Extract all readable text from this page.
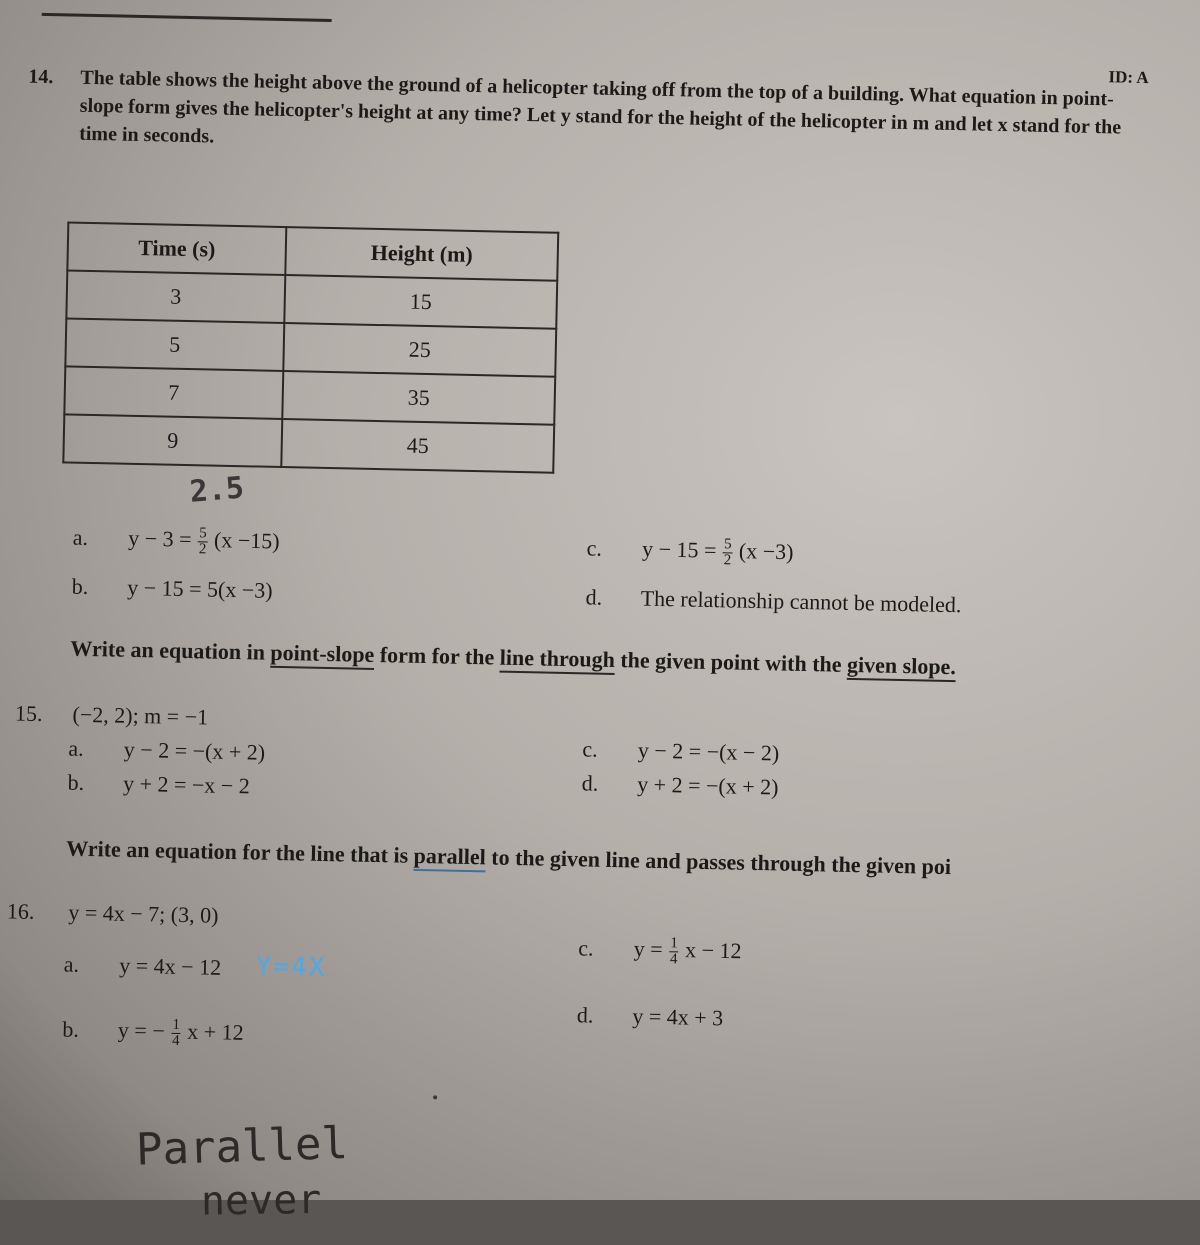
ID: A
14. The table shows the height above the ground of a helicopter taking off from the top of a building. What equation in point-slope form gives the helicopter's height at any time? Let y stand for the height of the helicopter in m and let x stand for the time in seconds.
Time (s)	Height (m)
3	15
5	25
7	35
9	45
2.5
a. $y - 3 = \frac{5}{2} (x -15)$
b. y − 15 = 5(x −3)
c. $y - 15 = \frac{5}{2} (x -3)$
d. The relationship cannot be modeled.
Write an equation in point-slope form for the line through the given point with the given slope.
15. (−2, 2); m = −1
a. y − 2 = −(x + 2)
b. y + 2 = −x − 2
c. y − 2 = −(x − 2)
d. y + 2 = −(x + 2)
Write an equation for the line that is parallel to the given line and passes through the given poi
16. y = 4x − 7; (3, 0)
a. y = 4x − 12 Y=4X
b. y = − $\frac{1}{4}$ x + 12
c. $y = \frac{1}{4}$ x − 12
d. y = 4x + 3
Parallel
never
